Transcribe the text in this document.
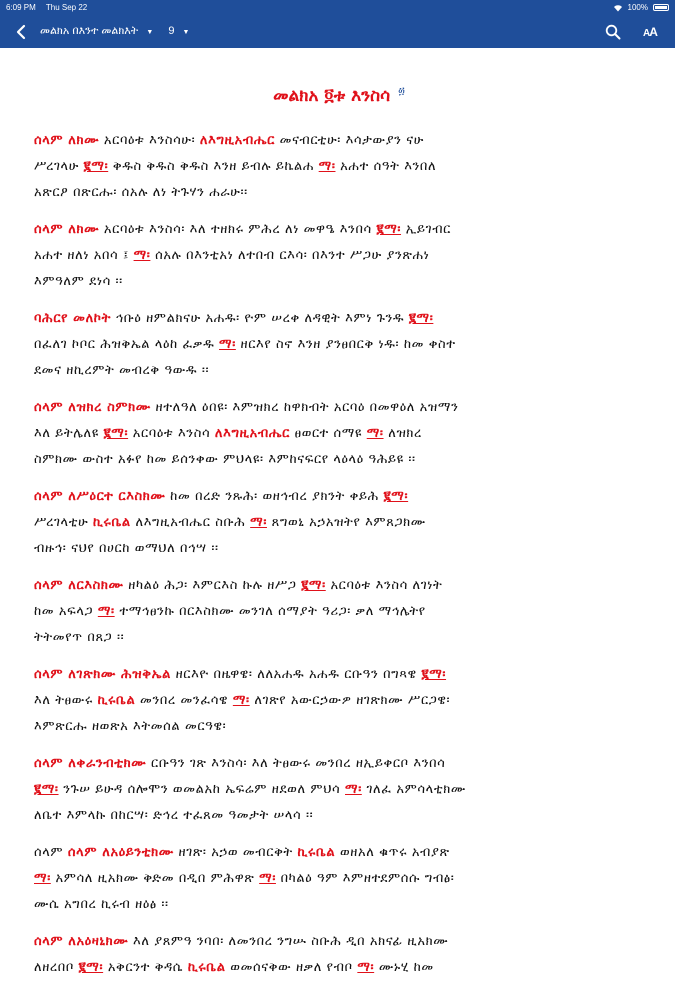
6:09 PM Thu Sep 22	100%
መልክአ በእንተ መልክእት ▼ 9 ▼	AA
መልክአ ፬ቱ እንስሳ $^፴$
ሰላም ለክሙ አርባዕቱ እንስሳሁ፡ ለእግዚአብሔር መናብርቲሁ፡ እሳታውያን ናሁ
ሥረገላሁ ፪ማ፡ ቅዱስ ቅዱስ ቅዱስ እንዘ ይብሉ ይኬልሐ ማ፡ አሐተ ሰዓት እንበለ
አጽርዖ በጽርሑ፡ ሰአሉ ለነ ትጉሃን ሐራሁ፡፡
ሰላም ለክሙ አርባዕቱ እንስሳ፡ እለ ተዘክሩ ምሕረ ለነ መዋዔ እንበሳ ፪ማ፡ ኢይገብር
አሐተ ዘለነ አበሳ ፤ ማ፡ ሰአሉ በእንቲአነ ለተበብ ርእሳ፡ በእንተ ሥጋሁ ያንጽሐነ
እምዓለም ደነሳ ፡፡
ባሕርየ መለኮት ኅቡዕ ዘምልክናሁ አሐዱ፡ ዮም ሠረቀ ለዳዊት እምነ ጉንዱ ፪ማ፡
በፈለገ ኮቦር ሕዝቅኤል ላዕከ ፈቃዱ ማ፡ ዘርእየ ስኖ እንዘ ያንፀበርቅ ነዱ፡ ከመ ቀስተ
ደመና ዘኪረምት መብረቅ ዓውዱ ፡፡
ሰላም ለዝክረ ስምክሙ ዘተለዓለ ዕበዩ፡ እምዝክረ ከዋክብት አርባዕ በመዋዕለ አዝማን
እለ ይትሌለዩ ፪ማ፡ አርባዕቱ እንስሳ ለእግዚአብሔር ፀወርተ ሰማዩ ማ፡ ለዝክረ
ስምክሙ ውስተ አፉየ ከመ ይሰንቀው ምህላዩ፡ እምከናፍርየ ላዕላዕ ዓሕይዩ ፡፡
ሰላም ለሥዕርተ ርእስክሙ ከመ በረድ ንጹሕ፡ ወዘኅብረ ያክንት ቀይሕ ፪ማ፡
ሥረገላቲሁ ኪሩቤል ለእግዚአብሔር ስቡሕ ማ፡ ጸግወኒ አኃአዝትየ እምጸጋክሙ
ብዙኅ፡ ናህየ በሀርከ ወማህለ በኅሣ ፡፡
ሰላም ለርእስክሙ ዘካልዕ ሕጋ፡ እምርእስ ኩሉ ዘሥጋ ፪ማ፡ አርባዕቱ እንስሳ ለገነት
ከመ አፍላጋ ማ፡ ተማኅፀንኩ በርእስክሙ መንገለ ሰማያት ዓሪጋ፡ ቃለ ማኅሌትየ
ትትመየጥ በጸጋ ፡፡
ሰላም ለገጽክሙ ሕዝቅኤል ዘርእዮ በዜዋዌ፡ ለለአሐዱ አሐዱ ርቡዓን በግጻዌ ፪ማ፡
እለ ትፀውሩ ኪሩቤል መንበረ መንፈሳዌ ማ፡ ለገጽየ አውርኃውዎ ዘገጽክሙ ሥርጋዌ፡
እምጽርሑ ዘወጽአ እትመሰል መርዓዌ፡
ሰላም ለቀራንብቲክሙ ርቡዓን ገጽ እንስሳ፡ እለ ትፀውሩ መንበረ ዘኢይቀርቦ እንበሳ
፪ማ፡ ንጉሠ ይሁዳ ሰሎሞን ወመልአከ ኤፍሬም ዘደወለ ምህሳ ማ፡ ገለፈ አምሳላቲክሙ
ለቤተ እምላኩ በከርሣ፡ ድኅረ ተፈጸመ ዓመታት ሠላሳ ፡፡
ሰላም ሰላም ለአዕይንቲክሙ ዘገጽ፡ አኃወ መብርቅት ኪሩቤል ወዘአለ ቁጥሩ አብያጽ
ማ፡ አምሳለ ዚአክሙ ቅድመ በዲበ ምሕዋጽ ማ፡ በካልዕ ዓም እምዘተደምሰሱ ግብፅ፡
ሙሴ አግበረ ኪሩብ ዘዕፅ ፡፡
ሰላም ለአዕዛኒክሙ እለ ያጸምዓ ንባበ፡ ለመንበረ ንግሡ ስቡሕ ዲበ አክናፊ ዚአክሙ
ለዘረበቦ ፪ማ፡ አቅርንተ ቅዳሴ ኪሩቤል ወመሰናቅው ዘቃለ የብቦ ማ፡ ሙኑሂ ከመ
